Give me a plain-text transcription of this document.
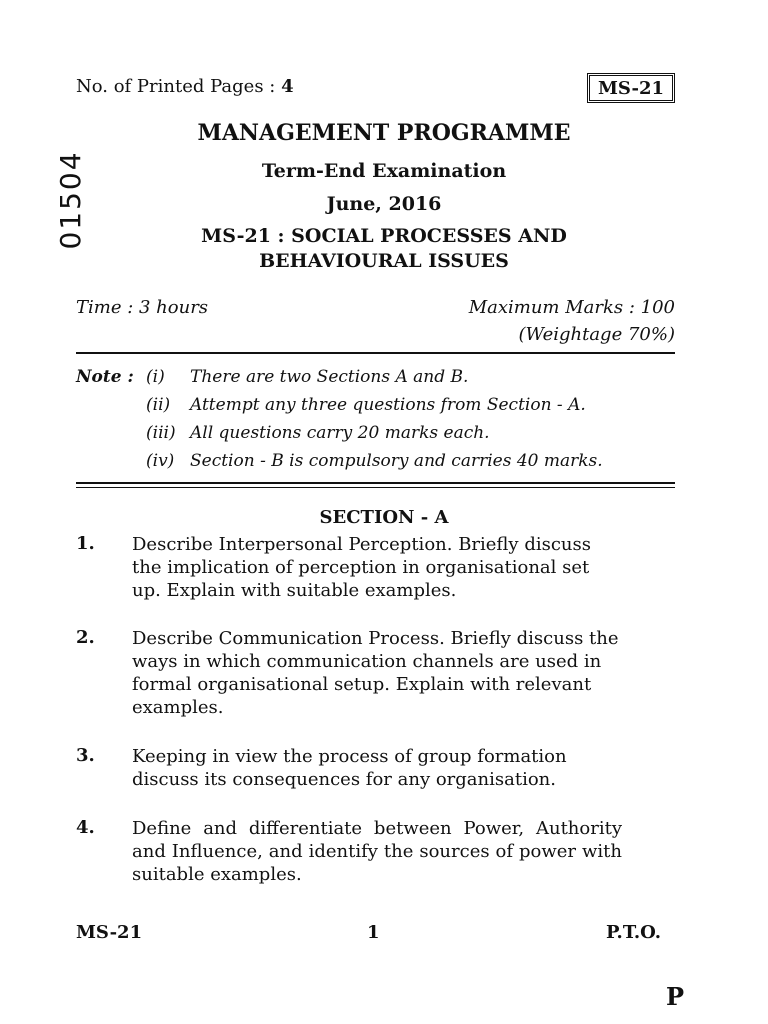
No. of Printed Pages : 4	MS-21
01504
MANAGEMENT PROGRAMME
Term-End Examination
June, 2016
MS-21 : SOCIAL PROCESSES AND
BEHAVIOURAL ISSUES
Time : 3 hours	Maximum Marks : 100
(Weightage 70%)
Note : (i)	There are two Sections A and B.
(ii)	Attempt any three questions from Section - A.
(iii) All questions carry 20 marks each.
(iv) Section - B is compulsory and carries 40 marks.
SECTION - A
1. Describe Interpersonal Perception. Briefly discuss the implication of perception in organisational set up. Explain with suitable examples.
2. Describe Communication Process. Briefly discuss the ways in which communication channels are used in formal organisational setup. Explain with relevant examples.
3. Keeping in view the process of group formation discuss its consequences for any organisation.
4. Define and differentiate between Power, Authority and Influence, and identify the sources of power with suitable examples.
MS-21	1	P.T.O.
P
